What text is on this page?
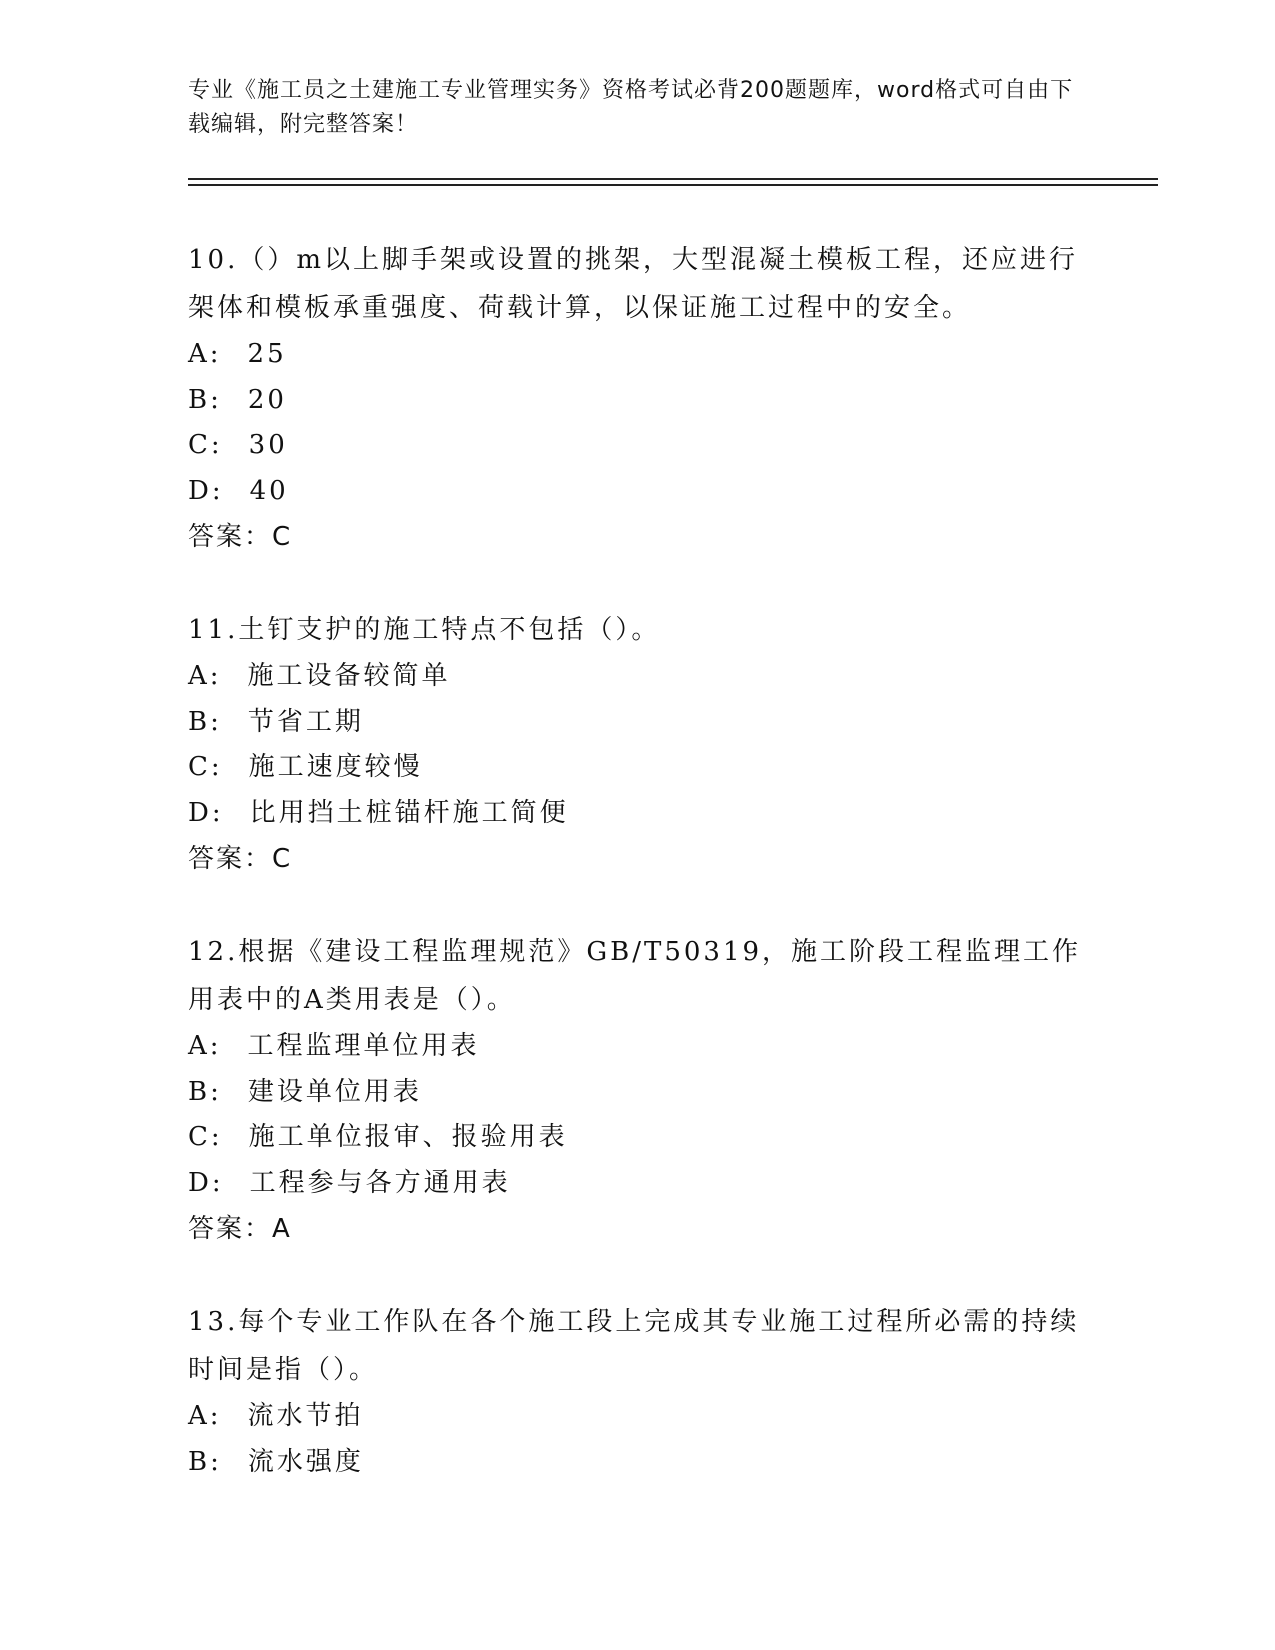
专业《施工员之土建施工专业管理实务》资格考试必背200题题库，word格式可自由下载编辑，附完整答案！

10.（）m以上脚手架或设置的挑架，大型混凝土模板工程，还应进行架体和模板承重强度、荷载计算，以保证施工过程中的安全。

A: 25
B: 20
C: 30
D: 40
答案：C

11.土钉支护的施工特点不包括（）。

A: 施工设备较简单
B: 节省工期
C: 施工速度较慢
D: 比用挡土桩锚杆施工简便
答案：C

12.根据《建设工程监理规范》GB/T50319，施工阶段工程监理工作用表中的A类用表是（）。

A: 工程监理单位用表
B: 建设单位用表
C: 施工单位报审、报验用表
D: 工程参与各方通用表
答案：A

13.每个专业工作队在各个施工段上完成其专业施工过程所必需的持续时间是指（）。

A: 流水节拍
B: 流水强度
